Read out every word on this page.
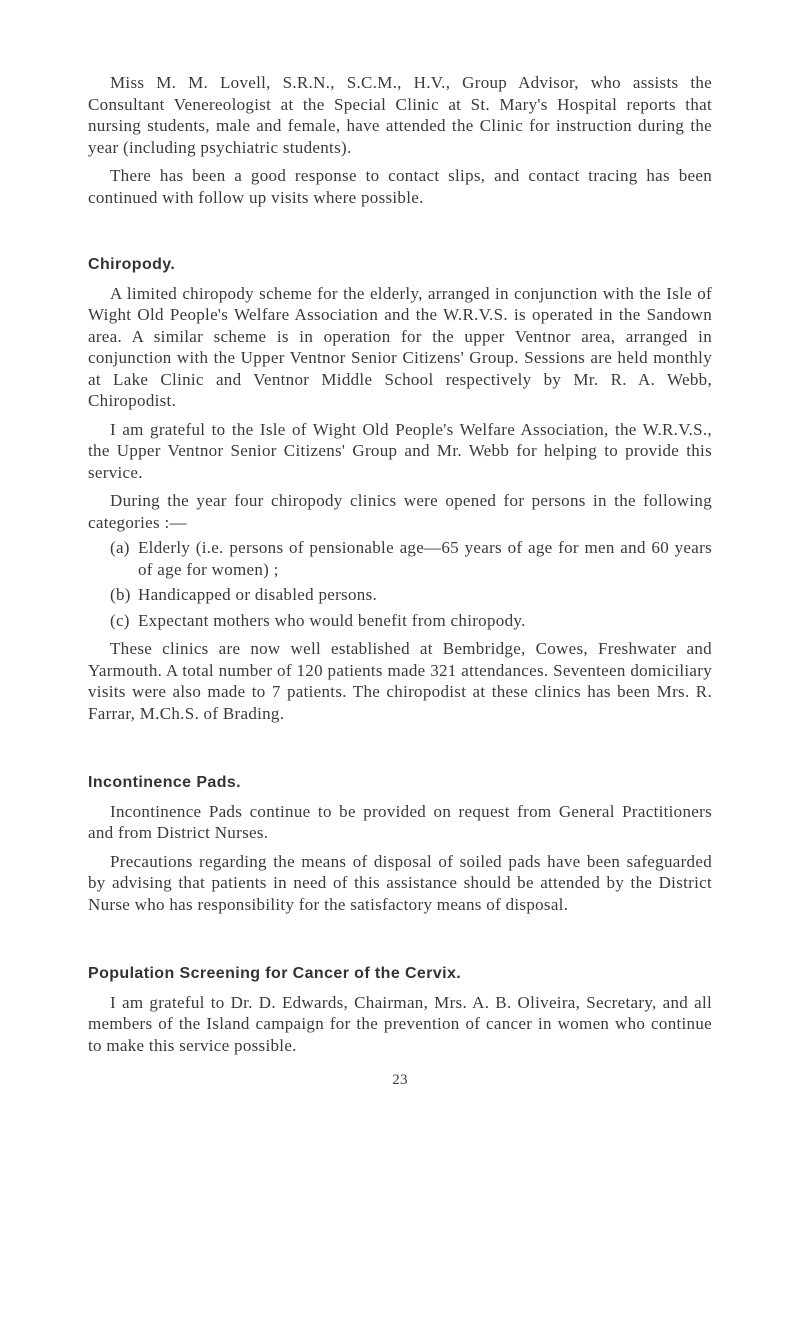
Miss M. M. Lovell, S.R.N., S.C.M., H.V., Group Advisor, who assists the Consultant Venereologist at the Special Clinic at St. Mary's Hospital reports that nursing students, male and female, have attended the Clinic for instruction during the year (including psychiatric students).

There has been a good response to contact slips, and contact tracing has been continued with follow up visits where possible.

Chiropody.

A limited chiropody scheme for the elderly, arranged in conjunction with the Isle of Wight Old People's Welfare Association and the W.R.V.S. is operated in the Sandown area. A similar scheme is in operation for the upper Ventnor area, arranged in conjunction with the Upper Ventnor Senior Citizens' Group. Sessions are held monthly at Lake Clinic and Ventnor Middle School respectively by Mr. R. A. Webb, Chiropodist.

I am grateful to the Isle of Wight Old People's Welfare Association, the W.R.V.S., the Upper Ventnor Senior Citizens' Group and Mr. Webb for helping to provide this service.

During the year four chiropody clinics were opened for persons in the following categories :—

(a) Elderly (i.e. persons of pensionable age—65 years of age for men and 60 years of age for women) ;
(b) Handicapped or disabled persons.
(c) Expectant mothers who would benefit from chiropody.

These clinics are now well established at Bembridge, Cowes, Freshwater and Yarmouth. A total number of 120 patients made 321 attendances. Seventeen domiciliary visits were also made to 7 patients. The chiropodist at these clinics has been Mrs. R. Farrar, M.Ch.S. of Brading.

Incontinence Pads.

Incontinence Pads continue to be provided on request from General Practitioners and from District Nurses.

Precautions regarding the means of disposal of soiled pads have been safeguarded by advising that patients in need of this assistance should be attended by the District Nurse who has responsibility for the satisfactory means of disposal.

Population Screening for Cancer of the Cervix.

I am grateful to Dr. D. Edwards, Chairman, Mrs. A. B. Oliveira, Secretary, and all members of the Island campaign for the prevention of cancer in women who continue to make this service possible.

23
